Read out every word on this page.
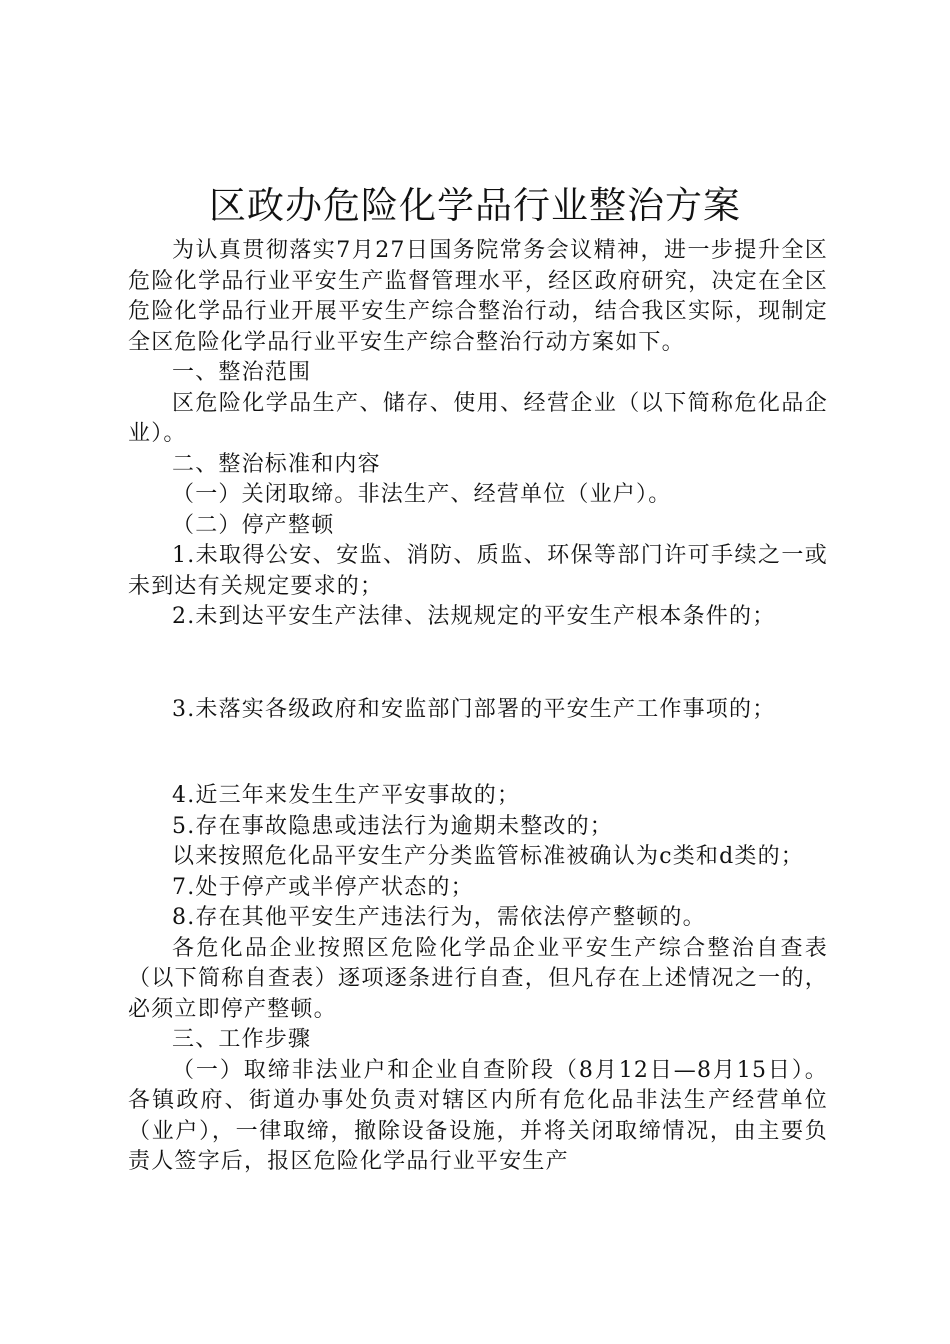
区政办危险化学品行业整治方案

为认真贯彻落实7月27日国务院常务会议精神，进一步提升全区危险化学品行业平安生产监督管理水平，经区政府研究，决定在全区危险化学品行业开展平安生产综合整治行动，结合我区实际，现制定全区危险化学品行业平安生产综合整治行动方案如下。

一、整治范围

区危险化学品生产、储存、使用、经营企业（以下简称危化品企业）。

二、整治标准和内容

（一）关闭取缔。非法生产、经营单位（业户）。

（二）停产整顿

1.未取得公安、安监、消防、质监、环保等部门许可手续之一或未到达有关规定要求的；

2.未到达平安生产法律、法规规定的平安生产根本条件的；

3.未落实各级政府和安监部门部署的平安生产工作事项的；

4.近三年来发生生产平安事故的；

5.存在事故隐患或违法行为逾期未整改的；

以来按照危化品平安生产分类监管标准被确认为c类和d类的；

7.处于停产或半停产状态的；

8.存在其他平安生产违法行为，需依法停产整顿的。

各危化品企业按照区危险化学品企业平安生产综合整治自查表（以下简称自查表）逐项逐条进行自查，但凡存在上述情况之一的，必须立即停产整顿。

三、工作步骤

（一）取缔非法业户和企业自查阶段（8月12日—8月15日）。各镇政府、街道办事处负责对辖区内所有危化品非法生产经营单位（业户），一律取缔，撤除设备设施，并将关闭取缔情况，由主要负责人签字后，报区危险化学品行业平安生产
